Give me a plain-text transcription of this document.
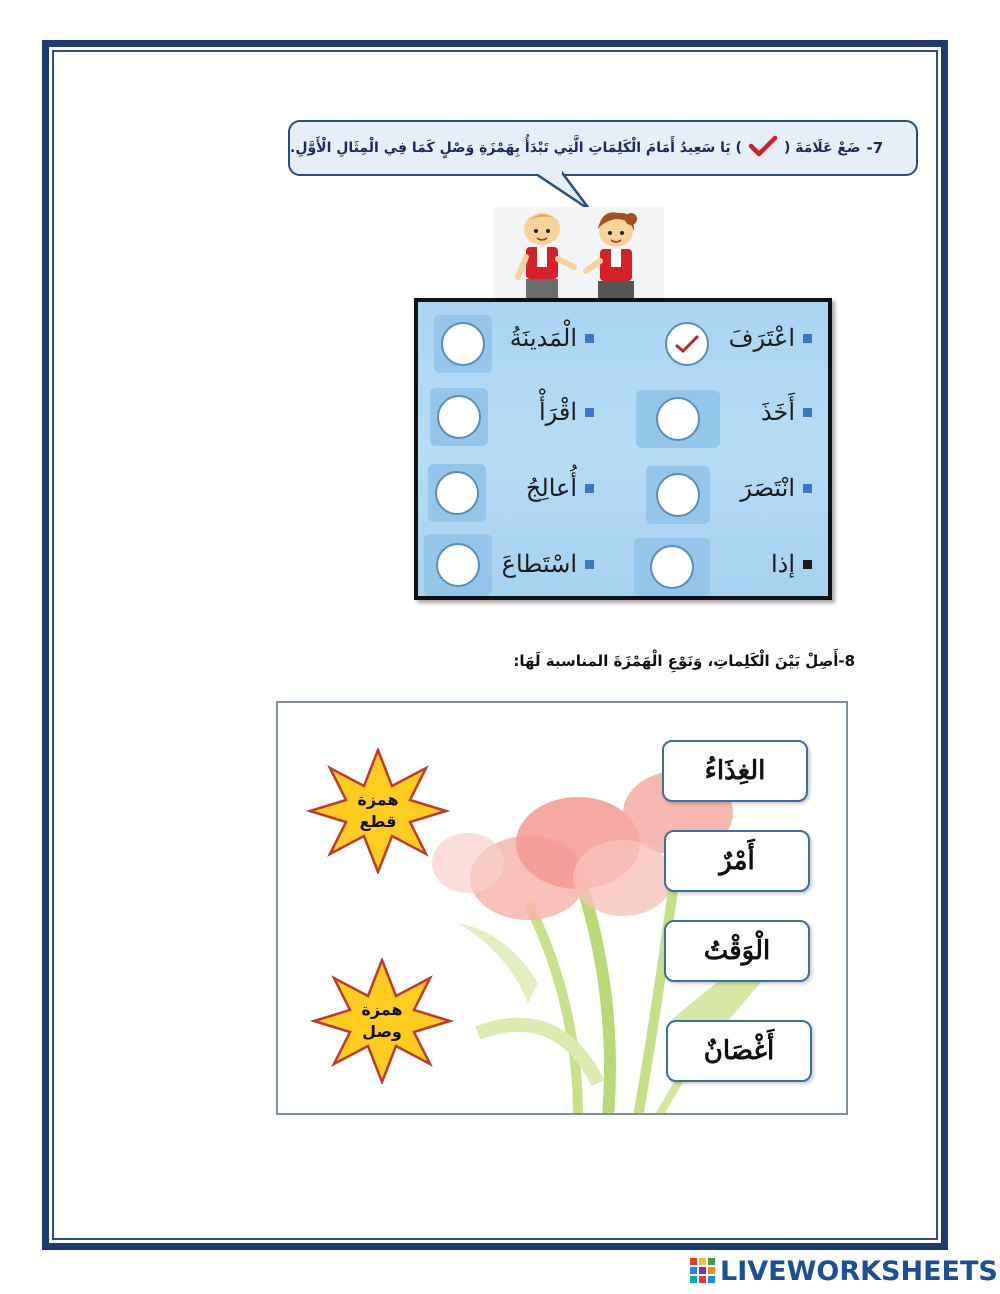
-7
ضَعْ عَلَامَةَ (
) يَا سَعِيدُ أَمَامَ الْكَلِمَاتِ الَّتِي تَبْدَأُ بِهَمْزَةِ وَصْلٍ كَمَا فِي الْمِثَالِ الْأَوَّلِ.
اعْتَرَفَ
الْمَدينَةُ
أَخَذَ
اقْرَأْ
انْتَصَرَ
أُعالِجُ
إذا
اسْتَطاعَ
8-أَصِلْ بَيْنَ الْكَلِماتِ، وَنَوْعِ الْهَمْزَةَ المناسبة لَهَا:
الغِذَاءُ
أَمْرٌ
الْوَقْتُ
أَغْصَانٌ
همزة
قطع
همزة
وصل
LIVEWORKSHEETS
